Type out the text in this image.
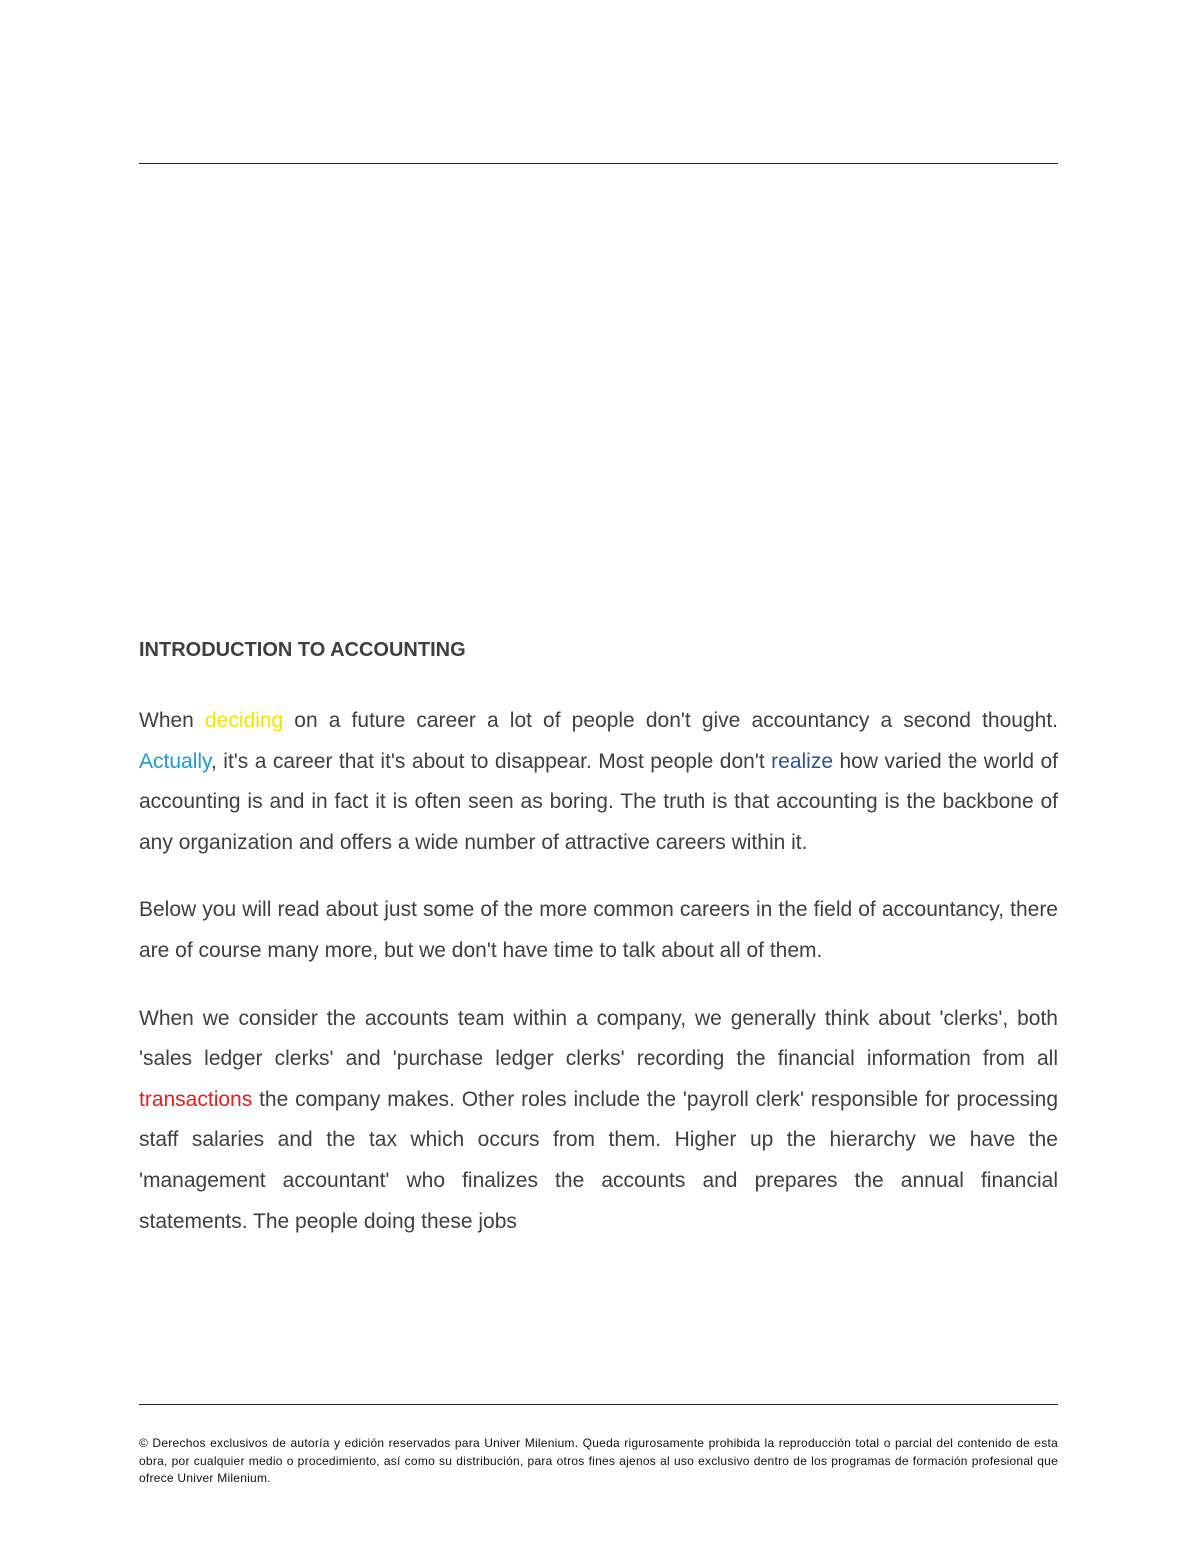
INTRODUCTION TO ACCOUNTING

When deciding on a future career a lot of people don't give accountancy a second thought. Actually, it's a career that it's about to disappear. Most people don't realize how varied the world of accounting is and in fact it is often seen as boring. The truth is that accounting is the backbone of any organization and offers a wide number of attractive careers within it.

Below you will read about just some of the more common careers in the field of accountancy, there are of course many more, but we don't have time to talk about all of them.

When we consider the accounts team within a company, we generally think about 'clerks', both 'sales ledger clerks' and 'purchase ledger clerks' recording the financial information from all transactions the company makes. Other roles include the 'payroll clerk' responsible for processing staff salaries and the tax which occurs from them. Higher up the hierarchy we have the 'management accountant' who finalizes the accounts and prepares the annual financial statements. The people doing these jobs

© Derechos exclusivos de autoría y edición reservados para Univer Milenium. Queda rigurosamente prohibida la reproducción total o parcial del contenido de esta obra, por cualquier medio o procedimiento, así como su distribución, para otros fines ajenos al uso exclusivo dentro de los programas de formación profesional que ofrece Univer Milenium.
